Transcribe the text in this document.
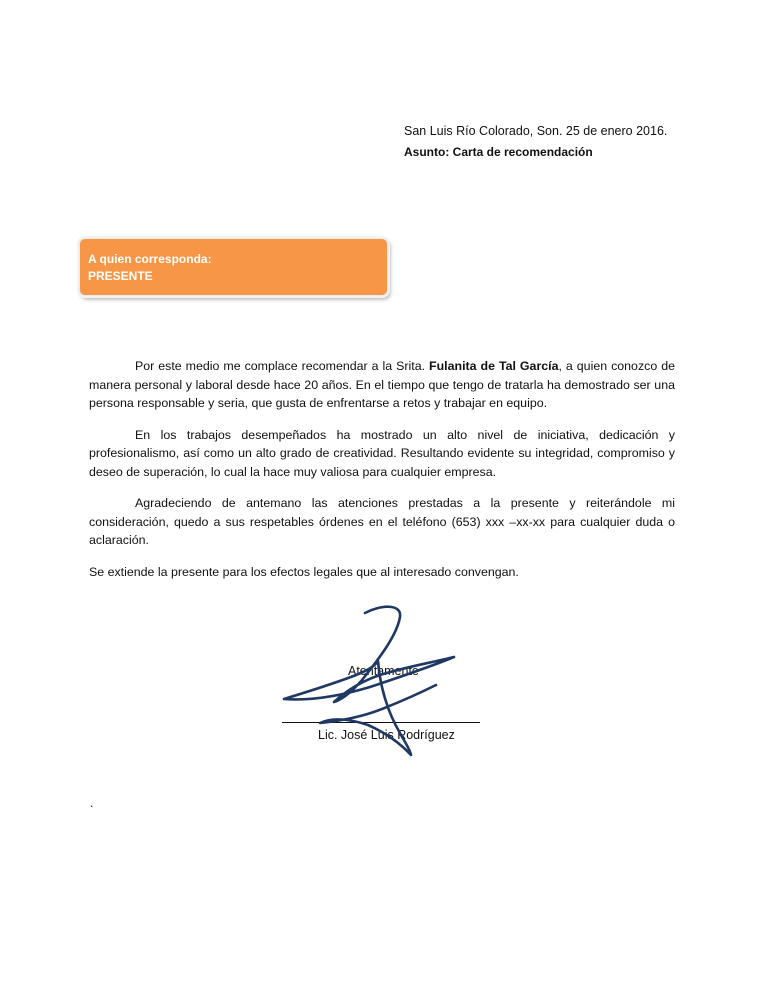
San Luis Río Colorado, Son. 25 de enero 2016.
Asunto: Carta de recomendación
A quien corresponda:
PRESENTE

Por este medio me complace recomendar a la Srita. Fulanita de Tal García, a quien conozco de manera personal y laboral desde hace 20 años. En el tiempo que tengo de tratarla ha demostrado ser una persona responsable y seria, que gusta de enfrentarse a retos y trabajar en equipo.

En los trabajos desempeñados ha mostrado un alto nivel de iniciativa, dedicación y profesionalismo, así como un alto grado de creatividad. Resultando evidente su integridad, compromiso y deseo de superación, lo cual la hace muy valiosa para cualquier empresa.

Agradeciendo de antemano las atenciones prestadas a la presente y reiterándole mi consideración, quedo a sus respetables órdenes en el teléfono (653) xxx –xx-xx para cualquier duda o aclaración.

Se extiende la presente para los efectos legales que al interesado convengan.

Atentamente
Lic. José Luis Rodríguez
.
